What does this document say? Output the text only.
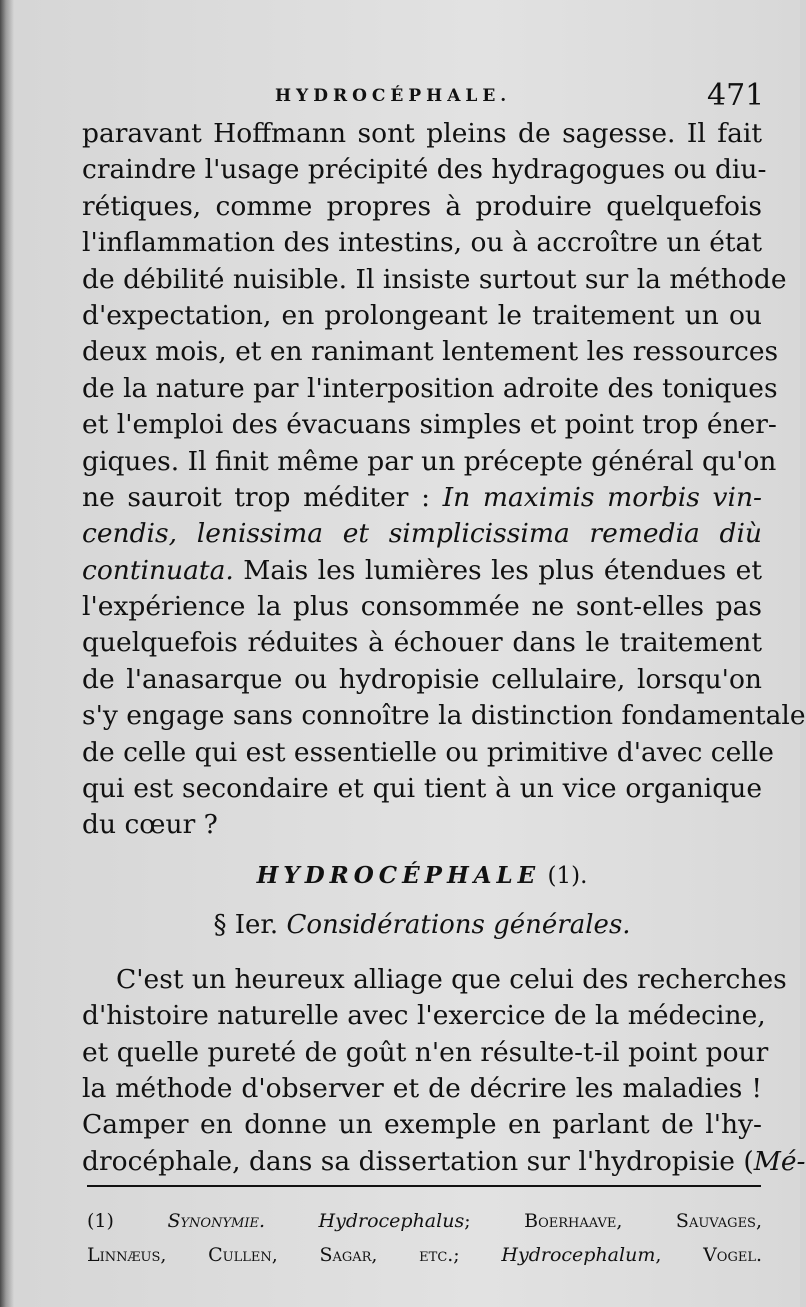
HYDROCÉPHALE.	471
paravant Hoffmann sont pleins de sagesse. Il fait
craindre l'usage précipité des hydragogues ou diu-
rétiques, comme propres à produire quelquefois
l'inflammation des intestins, ou à accroître un état
de débilité nuisible. Il insiste surtout sur la méthode
d'expectation, en prolongeant le traitement un ou
deux mois, et en ranimant lentement les ressources
de la nature par l'interposition adroite des toniques
et l'emploi des évacuans simples et point trop éner-
giques. Il finit même par un précepte général qu'on
ne sauroit trop méditer : In maximis morbis vin-
cendis, lenissima et simplicissima remedia diù
continuata. Mais les lumières les plus étendues et
l'expérience la plus consommée ne sont-elles pas
quelquefois réduites à échouer dans le traitement
de l'anasarque ou hydropisie cellulaire, lorsqu'on
s'y engage sans connoître la distinction fondamentale
de celle qui est essentielle ou primitive d'avec celle
qui est secondaire et qui tient à un vice organique
du cœur ?
HYDROCÉPHALE (1).
§ Ier. Considérations générales.
C'est un heureux alliage que celui des recherches
d'histoire naturelle avec l'exercice de la médecine,
et quelle pureté de goût n'en résulte-t-il point pour
la méthode d'observer et de décrire les maladies !
Camper en donne un exemple en parlant de l'hy-
drocéphale, dans sa dissertation sur l'hydropisie (Mé-
(1) Synonymie. Hydrocephalus; Boerhaave, Sauvages,
Linnæus, Cullen, Sagar, etc.; Hydrocephalum, Vogel.
